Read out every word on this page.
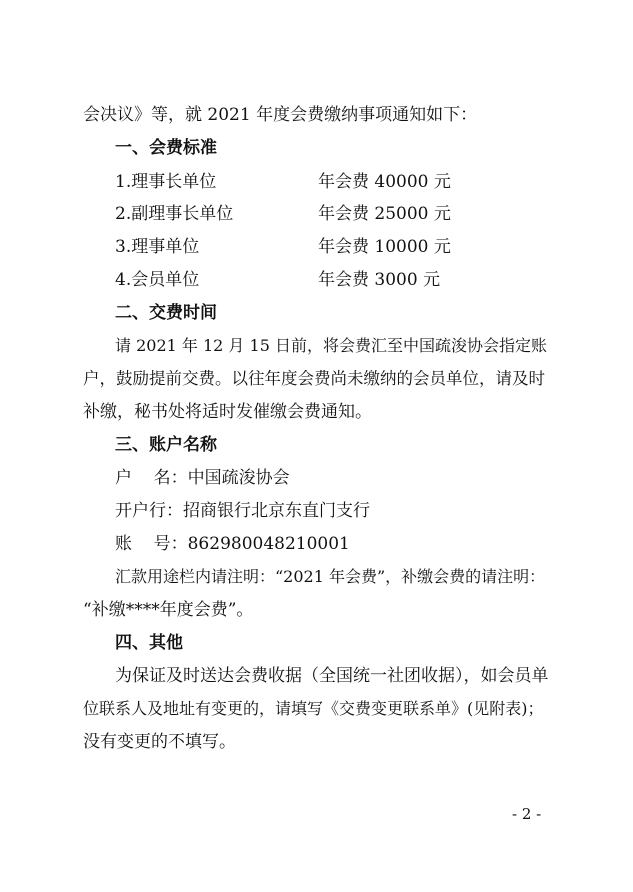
会决议》等，就 2021 年度会费缴纳事项通知如下：
一、会费标准
1.理事长单位	年会费 40000 元
2.副理事长单位	年会费 25000 元
3.理事单位	年会费 10000 元
4.会员单位	年会费 3000 元
二、交费时间
请 2021 年 12 月 15 日前，将会费汇至中国疏浚协会指定账
户，鼓励提前交费。以往年度会费尚未缴纳的会员单位，请及时
补缴，秘书处将适时发催缴会费通知。
三、账户名称
户    名：中国疏浚协会
开户行：招商银行北京东直门支行
账    号：862980048210001
汇款用途栏内请注明：“2021 年会费”，补缴会费的请注明：
“补缴****年度会费”。
四、其他
为保证及时送达会费收据（全国统一社团收据），如会员单
位联系人及地址有变更的，请填写《交费变更联系单》(见附表)；
没有变更的不填写。
- 2 -
